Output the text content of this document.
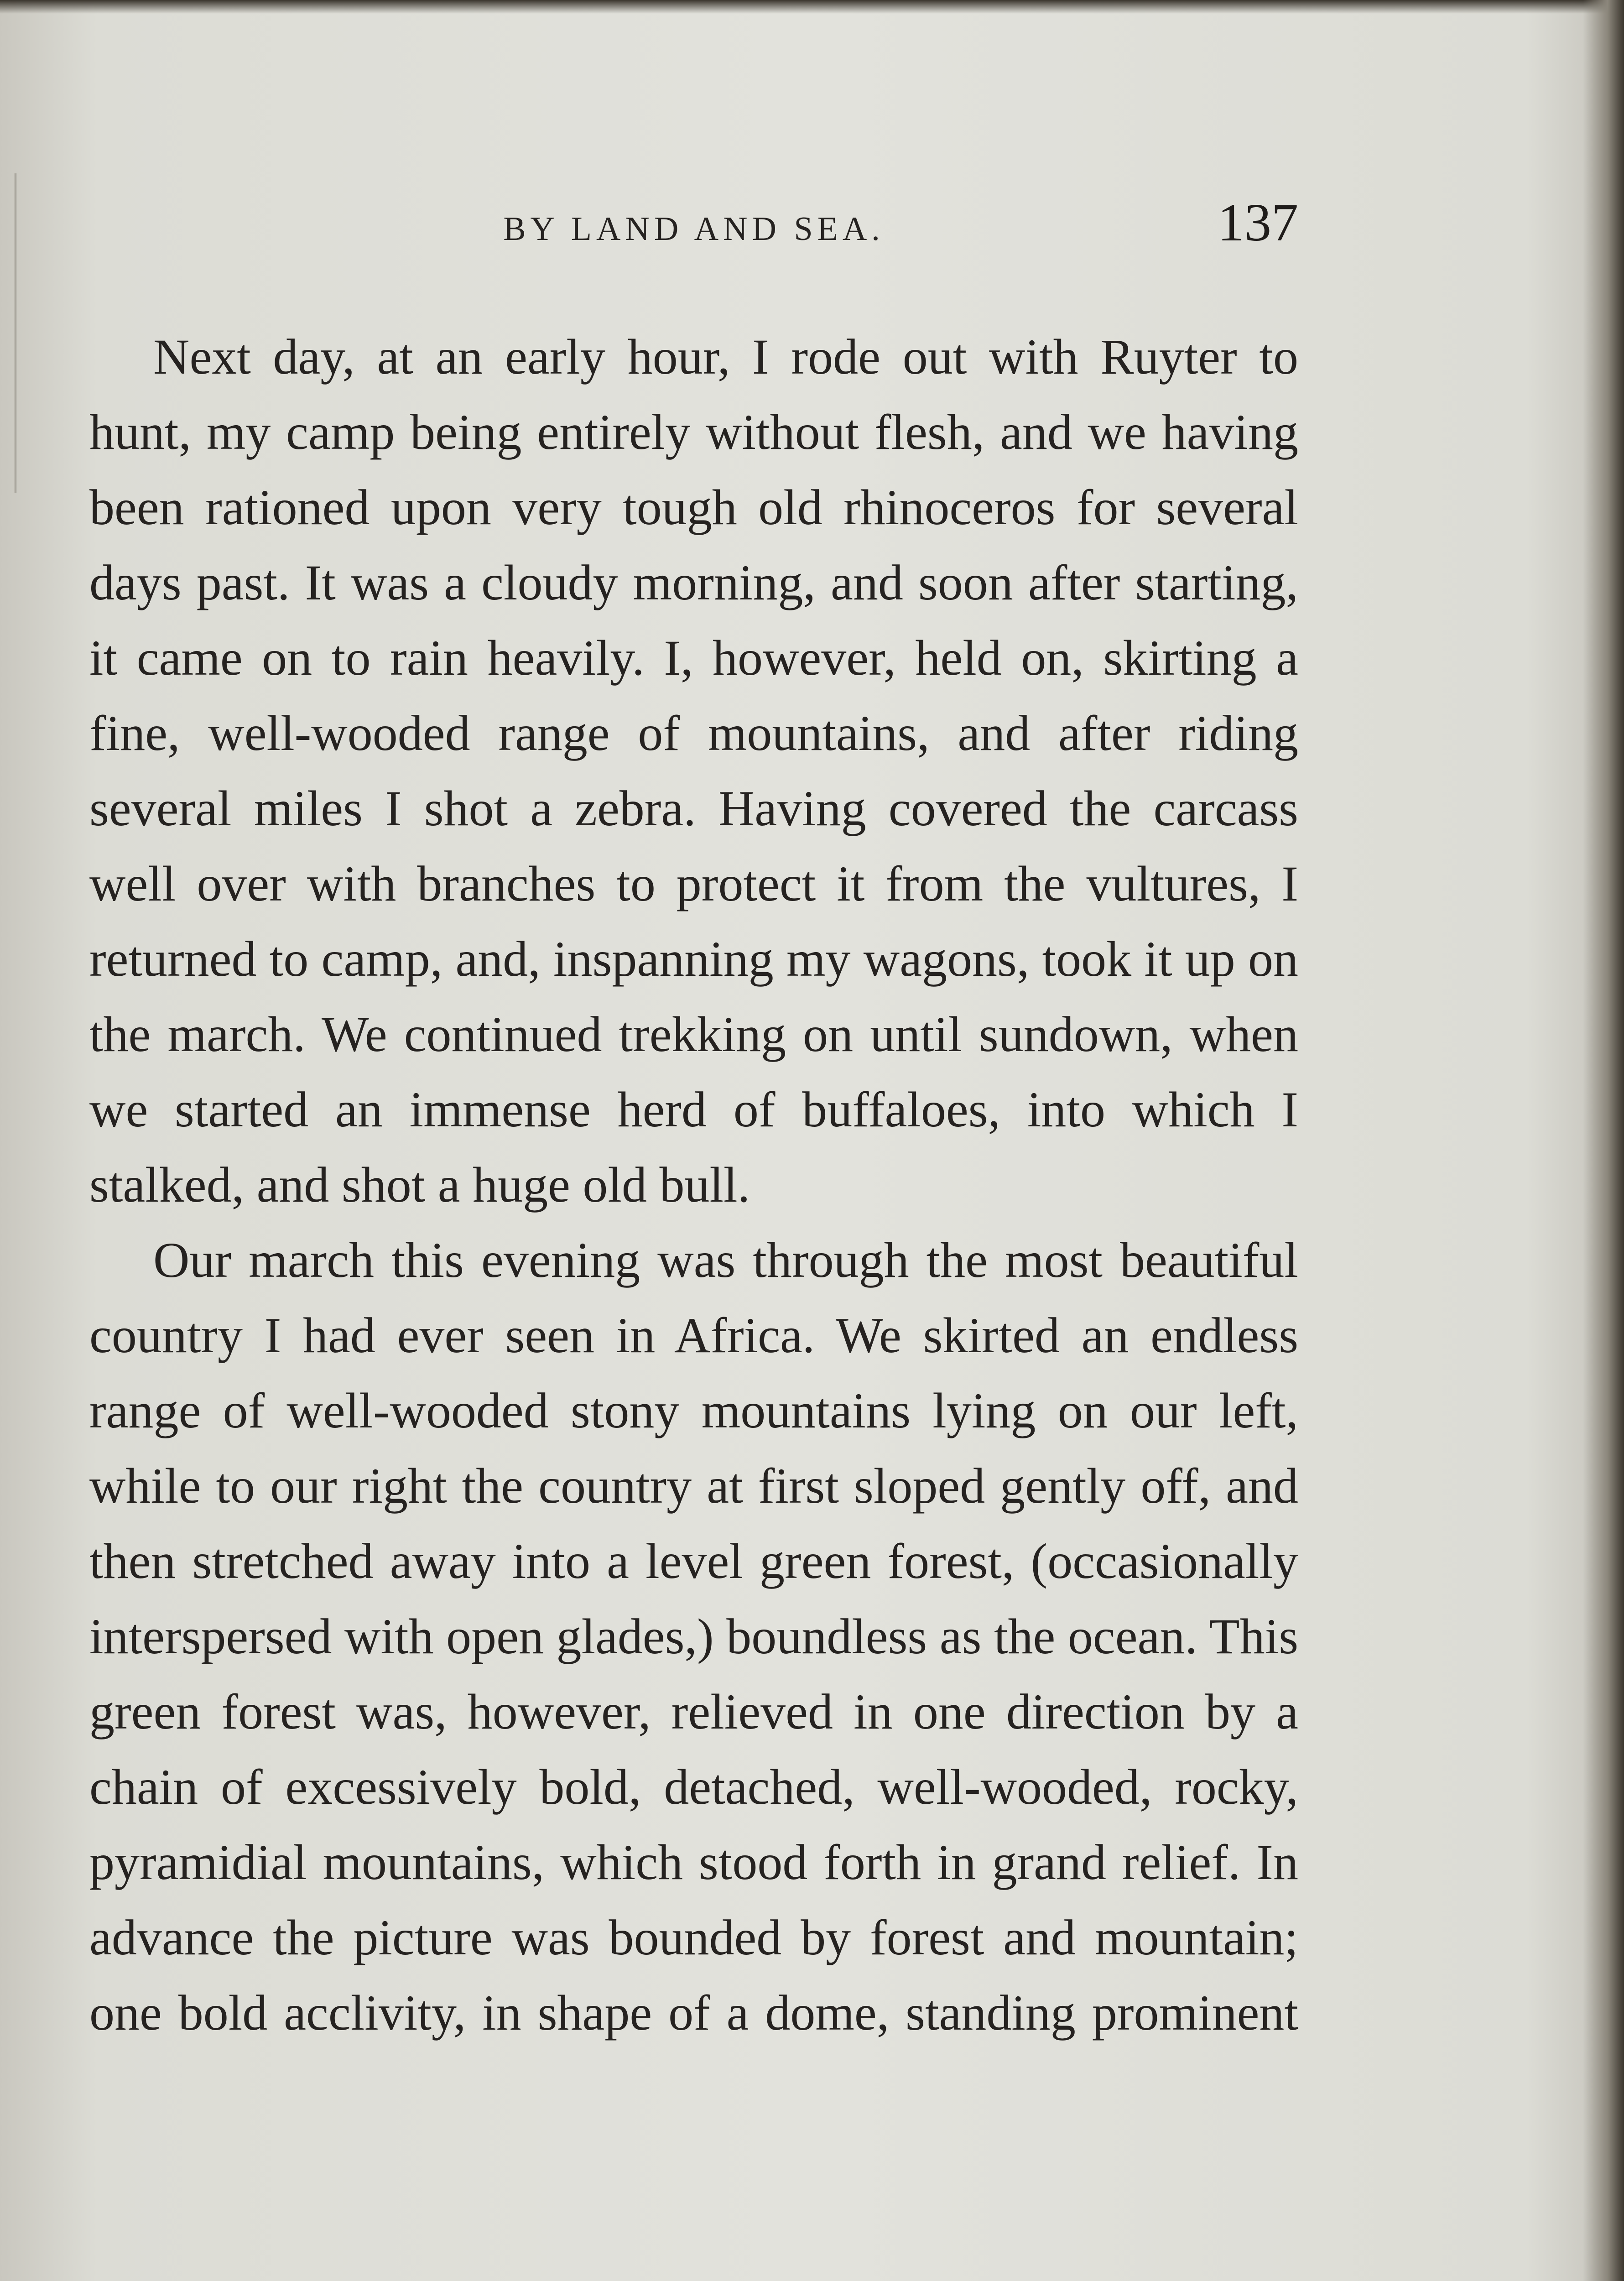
BY LAND AND SEA.	137

Next day, at an early hour, I rode out with Ruyter to hunt, my camp being entirely without flesh, and we having been rationed upon very tough old rhinoceros for several days past. It was a cloudy morning, and soon after starting, it came on to rain heavily. I, however, held on, skirting a fine, well-wooded range of mountains, and after riding several miles I shot a zebra. Having covered the carcass well over with branches to protect it from the vultures, I returned to camp, and, inspanning my wagons, took it up on the march. We continued trekking on until sundown, when we started an immense herd of buffaloes, into which I stalked, and shot a huge old bull.

Our march this evening was through the most beautiful country I had ever seen in Africa. We skirted an endless range of well-wooded stony mountains lying on our left, while to our right the country at first sloped gently off, and then stretched away into a level green forest, (occasionally interspersed with open glades,) boundless as the ocean. This green forest was, however, relieved in one direction by a chain of excessively bold, detached, well-wooded, rocky, pyramidial mountains, which stood forth in grand relief. In advance the picture was bounded by forest and mountain; one bold acclivity, in shape of a dome, standing prominent
